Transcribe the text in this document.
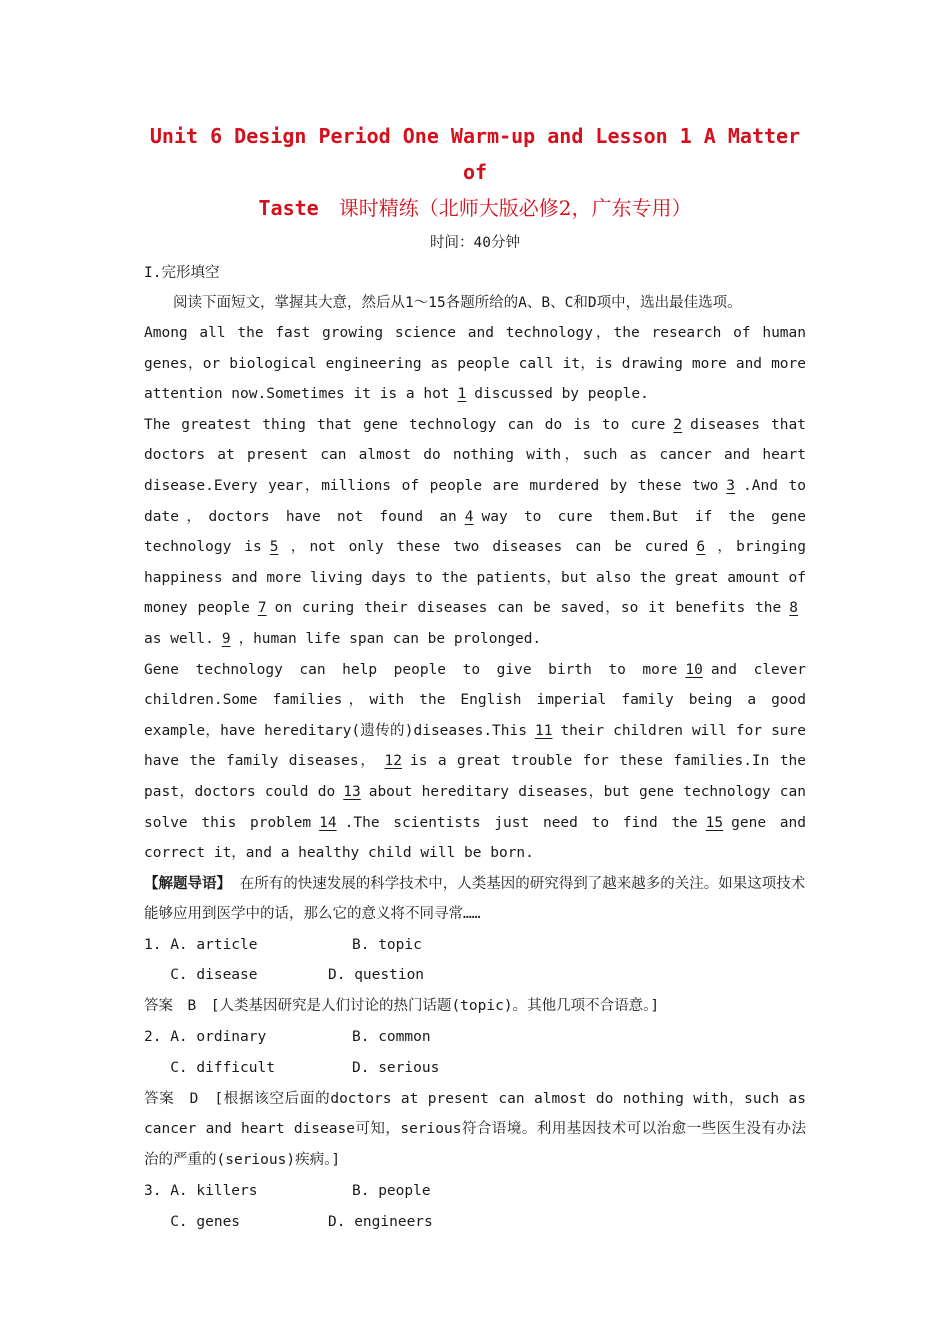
Unit 6 Design Period One Warm-up and Lesson 1 A Matter of
Taste　 课时精练（北师大版必修2，广东专用）
时间：40分钟
I.完形填空
阅读下面短文，掌握其大意，然后从1～15各题所给的A、B、C和D项中，选出最佳选项。
Among all the fast growing science and technology，the research of human genes，or biological engineering as people call it，is drawing more and more attention now.Sometimes it is a hot 1 discussed by people.
The greatest thing that gene technology can do is to cure 2 diseases that doctors at present can almost do nothing with，such as cancer and heart disease.Every year，millions of people are murdered by these two 3 .And to date，doctors have not found an 4 way to cure them.But if the gene technology is 5 ，not only these two diseases can be cured 6 ，bringing happiness and more living days to the patients，but also the great amount of money people 7 on curing their diseases can be saved，so it benefits the 8as well. 9 ，human life span can be prolonged.
Gene technology can help people to give birth to more 10 and clever children.Some families，with the English imperial family being a good example，have hereditary(遗传的)diseases.This 11 their children will for sure have the family diseases， 12 is a great trouble for these families.In the past，doctors could do 13 about hereditary diseases，but gene technology can solve this problem 14 .The scientists just need to find the 15 gene and correct it，and a healthy child will be born.
【解题导语】 在所有的快速发展的科学技术中，人类基因的研究得到了越来越多的关注。如果这项技术能够应用到医学中的话，那么它的意义将不同寻常……
1. A. article	B. topic
C. disease	D. question
答案　B　[人类基因研究是人们讨论的热门话题(topic)。其他几项不合语意。]
2. A. ordinary	B. common
C. difficult	D. serious
答案　D　[根据该空后面的doctors at present can almost do nothing with，such as cancer and heart disease可知，serious符合语境。利用基因技术可以治愈一些医生没有办法治的严重的(serious)疾病。]
3. A. killers	B. people
C. genes	D. engineers
